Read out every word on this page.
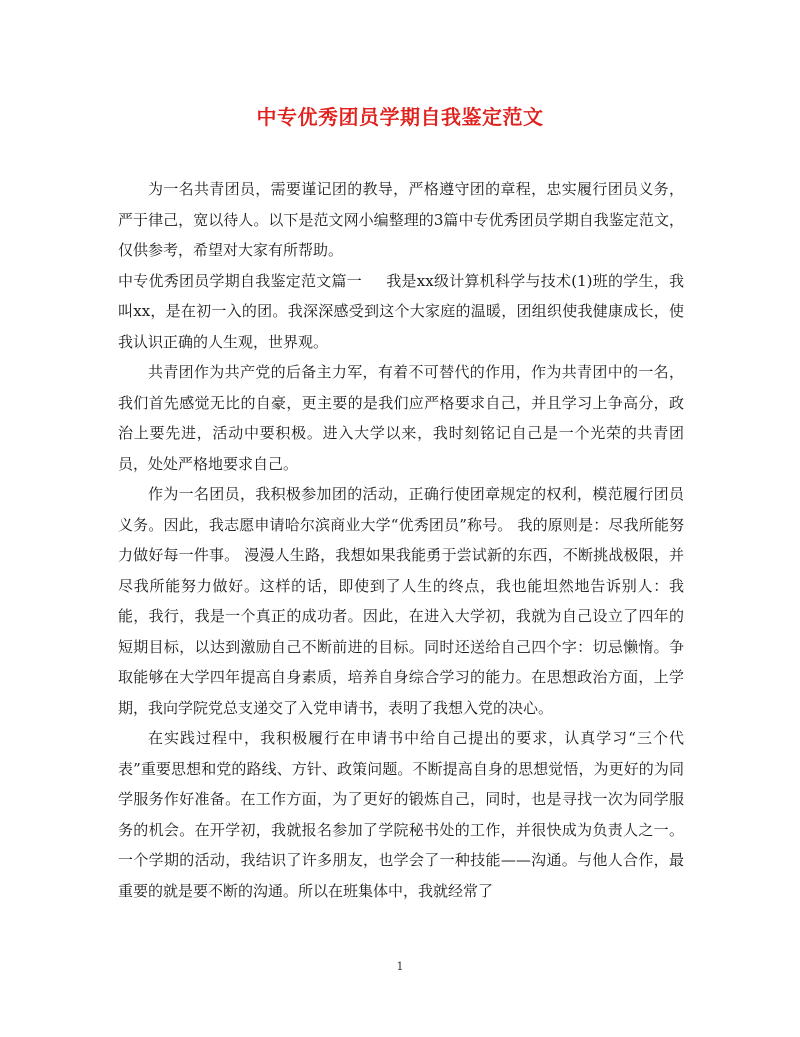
中专优秀团员学期自我鉴定范文

为一名共青团员，需要谨记团的教导，严格遵守团的章程，忠实履行团员义务，严于律己，宽以待人。以下是范文网小编整理的3篇中专优秀团员学期自我鉴定范文，仅供参考，希望对大家有所帮助。

中专优秀团员学期自我鉴定范文篇一 我是xx级计算机科学与技术(1)班的学生，我叫xx，是在初一入的团。我深深感受到这个大家庭的温暖，团组织使我健康成长，使我认识正确的人生观，世界观。

共青团作为共产党的后备主力军，有着不可替代的作用，作为共青团中的一名，我们首先感觉无比的自豪，更主要的是我们应严格要求自己，并且学习上争高分，政治上要先进，活动中要积极。进入大学以来，我时刻铭记自己是一个光荣的共青团员，处处严格地要求自己。

作为一名团员，我积极参加团的活动，正确行使团章规定的权利，模范履行团员义务。因此，我志愿申请哈尔滨商业大学“优秀团员”称号。 我的原则是：尽我所能努力做好每一件事。 漫漫人生路，我想如果我能勇于尝试新的东西，不断挑战极限，并尽我所能努力做好。这样的话，即使到了人生的终点，我也能坦然地告诉别人：我能，我行，我是一个真正的成功者。因此，在进入大学初，我就为自己设立了四年的短期目标，以达到激励自己不断前进的目标。同时还送给自己四个字：切忌懒惰。争取能够在大学四年提高自身素质，培养自身综合学习的能力。在思想政治方面，上学期，我向学院党总支递交了入党申请书，表明了我想入党的决心。

在实践过程中，我积极履行在申请书中给自己提出的要求，认真学习“三个代表”重要思想和党的路线、方针、政策问题。不断提高自身的思想觉悟，为更好的为同学服务作好准备。在工作方面，为了更好的锻炼自己，同时，也是寻找一次为同学服务的机会。在开学初，我就报名参加了学院秘书处的工作，并很快成为负责人之一。一个学期的活动，我结识了许多朋友，也学会了一种技能——沟通。与他人合作，最重要的就是要不断的沟通。所以在班集体中，我就经常了

1
